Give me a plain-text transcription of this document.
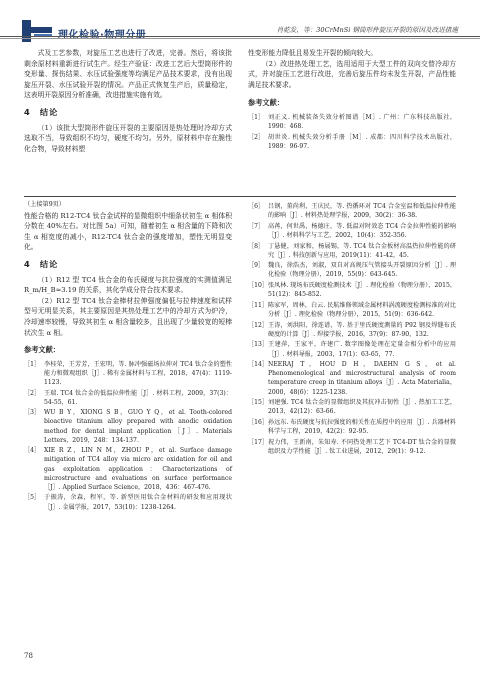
肖乾发，等：30CrMnSi 钢筒形件旋压开裂的原因及改进措施

式及工艺参数，对旋压工艺也进行了改进，完善。然后，将该批剩余原材料重新进行试生产。经生产验证：改进工艺后大型筒形件的变形量、探伤结果、水压试验强度等均满足产品技术要求，没有出现旋压开裂、水压试验开裂的情况。产品正式恢复生产后，质量稳定，这表明开裂原因分析准确，改进措施实施有效。

4　结论

（1）该批大型筒形件旋压开裂的主要原因是热处理时冷却方式选取不当，导致组织不均匀，硬度不均匀。另外，原材料中存在脆性化合物，导致材料塑

性变形能力降低且易发生开裂的倾向较大。

（2）改进热处理工艺，选用适用于大型工件的双向交替冷却方式，并对旋压工艺进行改进，完善后旋压件均未发生开裂，产品性能满足技术要求。

参考文献：
［1］ 刘正义. 机械装备失效分析图谱［M］. 广州：广东科技出版社，1990：468.
［2］ 胡世炎. 机械失效分析手册［M］. 成都：四川科学技术出版社，1989：96-97.

（上接第9页）

性能合格的 R12-TC4 钛合金试样的显微组织中细条状初生 α 相体积分数在 40%左右。对比图 5a）可知，随着初生 α 相含量的下降和次生 α 相宽度的减小，R12-TC4 钛合金的强度增加，塑性无明显变化。

4　结论

（1）R12 型 TC4 钛合金的布氏硬度与抗拉强度的实测值满足 R_m/H_B≈3.19 的关系，其化学成分符合技术要求。

（2）R12 型 TC4 钛合金棒材拉伸强度偏低与拉伸速度和试样型号无明显关系，其主要原因是其热处理工艺中的冷却方式为炉冷，冷却速率较慢，导致其初生 α 相含量较多，且出现了少量较宽的短棒状次生 α 相。

参考文献：
［1］ 李桂荣，王芳芳，王宏明，等. 脉冲强磁场拉伸对 TC4 钛合金的塑性能力和微观组织［J］. 稀有金属材料与工程，2018，47(4)：1119-1123.
［2］ 王瑞. TC4 钛合金的低温拉伸性能［J］. 材料工程，2009，37(3)：54-55，61.
［3］ WU B Y，XIONG S B，GUO Y Q，et al. Tooth-colored bioactive titanium alloy prepared with anodic oxidation method for dental implant application［J］. Materials Letters，2019，248：134-137.
［4］ XIE R Z，LIN N M，ZHOU P，et al. Surface damage mitigation of TC4 alloy via micro arc oxidation for oil and gas exploitation application：Characterizations of microstructure and evaluations on surface performance［J］. Applied Surface Science，2018，436：467-476.
［5］ 于振涛，余森，程军，等. 新型医用钛合金材料的研发和应用现状［J］. 金属学报，2017，53(10)：1238-1264.
［6］ 吕钢，董尚利，王庆民，等. 热循环对 TC4 合金室温和低温拉伸性能的影响［J］. 材料热处理学报，2009，30(2)：36-38.
［7］ 高苒，何世禹，杨德庄，等. 低温对时效态 TC4 合金拉伸性能的影响［J］. 材料科学与工艺，2002，10(4)：352-356.
［8］ 丁悬健，刘家和，杨展锡，等. TC4 钛合金板材高温热拉伸性能的研究［J］. 科技创新与应用，2019(11)：41-42，45.
［9］ 魏良，徐浩杰，刘淑，双自对高规压气管接头开裂原因分析［J］. 理化检验（物理分册），2019，55(9)：643-645.
［10］ 张凤林. 现场布氏硬度检测技术［J］. 理化检验（物理分册），2015，51(12)：845-852.
［11］ 陈家军，周林，白云. 民航维修领域金属材料涡流硬度检测标准的对比分析［J］. 理化检验（物理分册），2015，51(9)：636-642.
［12］ 王涛，刘洪阳，徐连谱，等. 基于里氏硬度测量的 P92 钢及焊缝布氏硬度的计算［J］. 焊接学报，2016，37(9)：87-90，132.
［13］ 王建萍，王家平，许建广. 数字图像处理在定量金相分析中的应用［J］. 材料导报，2003，17(1)：63-65，77.
［14］ NEERAJ T，HOU D H，DAEHN G S，et al. Phenomenological and microstructural analysis of room temperature creep in titanium alloys［J］. Acta Materialia，2000，48(6)：1225-1238.
［15］ 刘建强. TC4 钛合金的显微组织及其抗冲击韧性［J］. 热加工工艺，2013，42(12)：63-66.
［16］ 孙远东. 布氏硬度与抗拉强度的相关性在质控中的应用［J］. 兵器材料科学与工程，2019，42(2)：92-95.
［17］ 祝力伟，王新南，朱知寿. 不同热处理工艺下 TC4-DT 钛合金的显微组织及力学性能［J］. 钛工业进展，2012，29(1)：9-12.
78
